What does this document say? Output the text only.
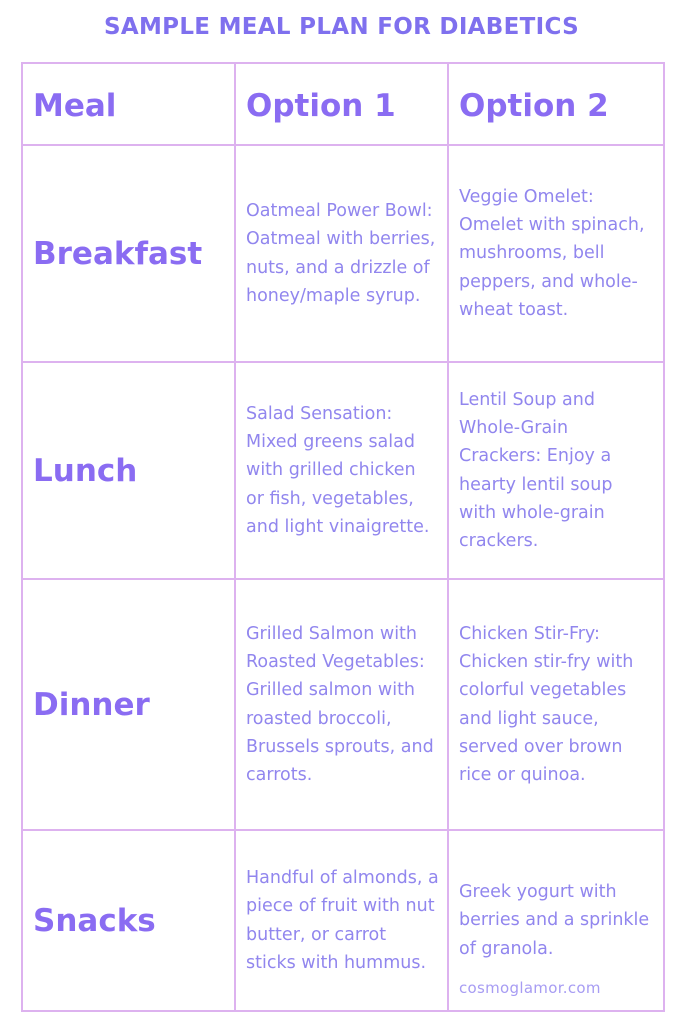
SAMPLE MEAL PLAN FOR DIABETICS
Meal	Option 1	Option 2
Breakfast	Oatmeal Power Bowl: Oatmeal with berries, nuts, and a drizzle of honey/maple syrup.	Veggie Omelet: Omelet with spinach, mushrooms, bell peppers, and whole-wheat toast.

Lunch	Salad Sensation: Mixed greens salad with grilled chicken or fish, vegetables, and light vinaigrette.	Lentil Soup and Whole-Grain Crackers: Enjoy a hearty lentil soup with whole-grain crackers.

Dinner	Grilled Salmon with Roasted Vegetables: Grilled salmon with roasted broccoli, Brussels sprouts, and carrots.	Chicken Stir-Fry: Chicken stir-fry with colorful vegetables and light sauce, served over brown rice or quinoa.

Snacks	Handful of almonds, a piece of fruit with nut butter, or carrot sticks with hummus.	Greek yogurt with berries and a sprinkle of granola.
cosmoglamor.com
